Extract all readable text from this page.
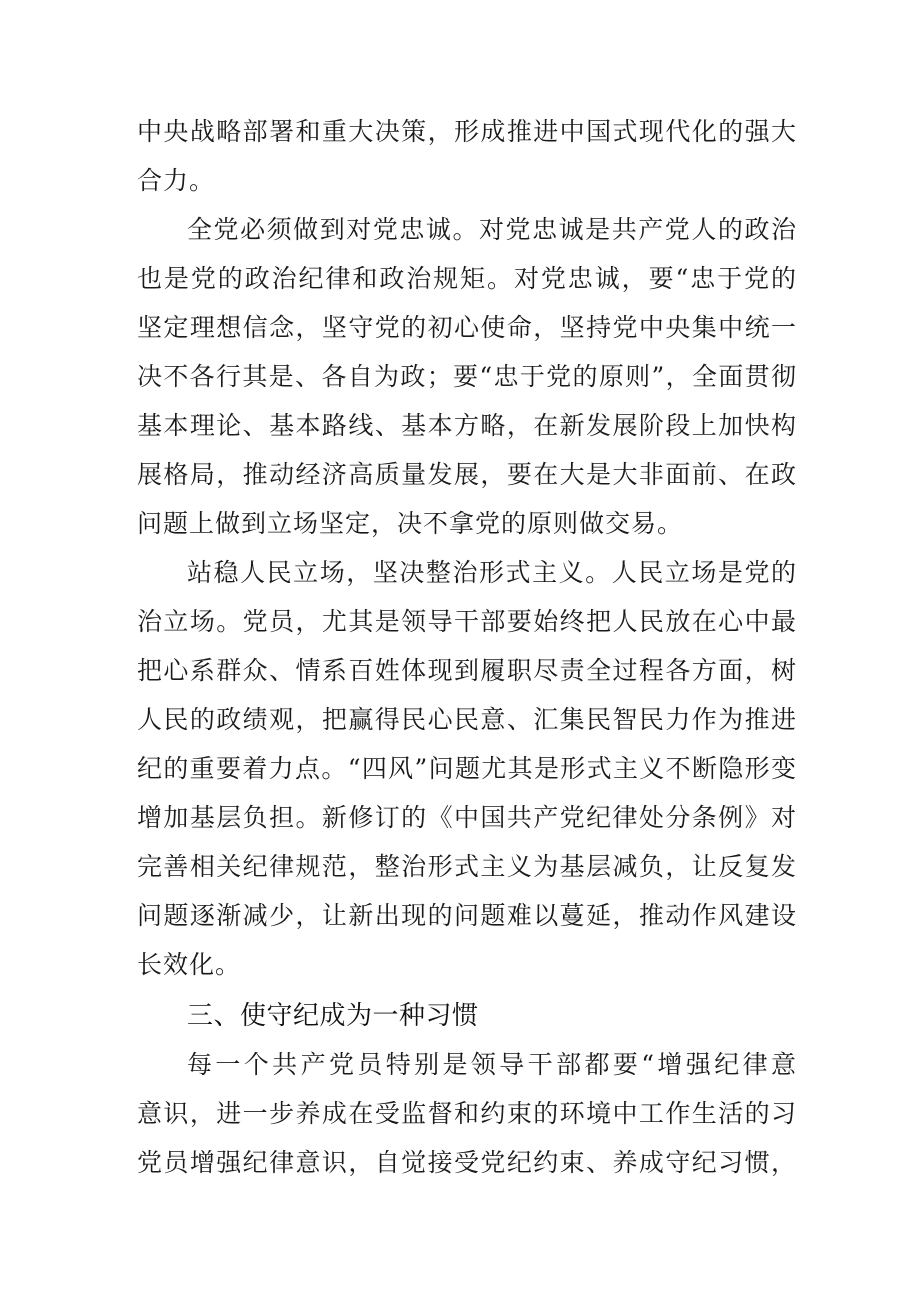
中央战略部署和重大决策，形成推进中国式现代化的强大
合力。
全党必须做到对党忠诚。对党忠诚是共产党人的政治
也是党的政治纪律和政治规矩。对党忠诚，要“忠于党的
坚定理想信念，坚守党的初心使命，坚持党中央集中统一
决不各行其是、各自为政；要“忠于党的原则”，全面贯彻
基本理论、基本路线、基本方略，在新发展阶段上加快构
展格局，推动经济高质量发展，要在大是大非面前、在政
问题上做到立场坚定，决不拿党的原则做交易。
站稳人民立场，坚决整治形式主义。人民立场是党的
治立场。党员，尤其是领导干部要始终把人民放在心中最
把心系群众、情系百姓体现到履职尽责全过程各方面，树
人民的政绩观，把赢得民心民意、汇集民智民力作为推进
纪的重要着力点。“四风”问题尤其是形式主义不断隐形变
增加基层负担。新修订的《中国共产党纪律处分条例》对
完善相关纪律规范，整治形式主义为基层减负，让反复发
问题逐渐减少，让新出现的问题难以蔓延，推动作风建设
长效化。
三、使守纪成为一种习惯
每一个共产党员特别是领导干部都要“增强纪律意
意识，进一步养成在受监督和约束的环境中工作生活的习
党员增强纪律意识，自觉接受党纪约束、养成守纪习惯，
